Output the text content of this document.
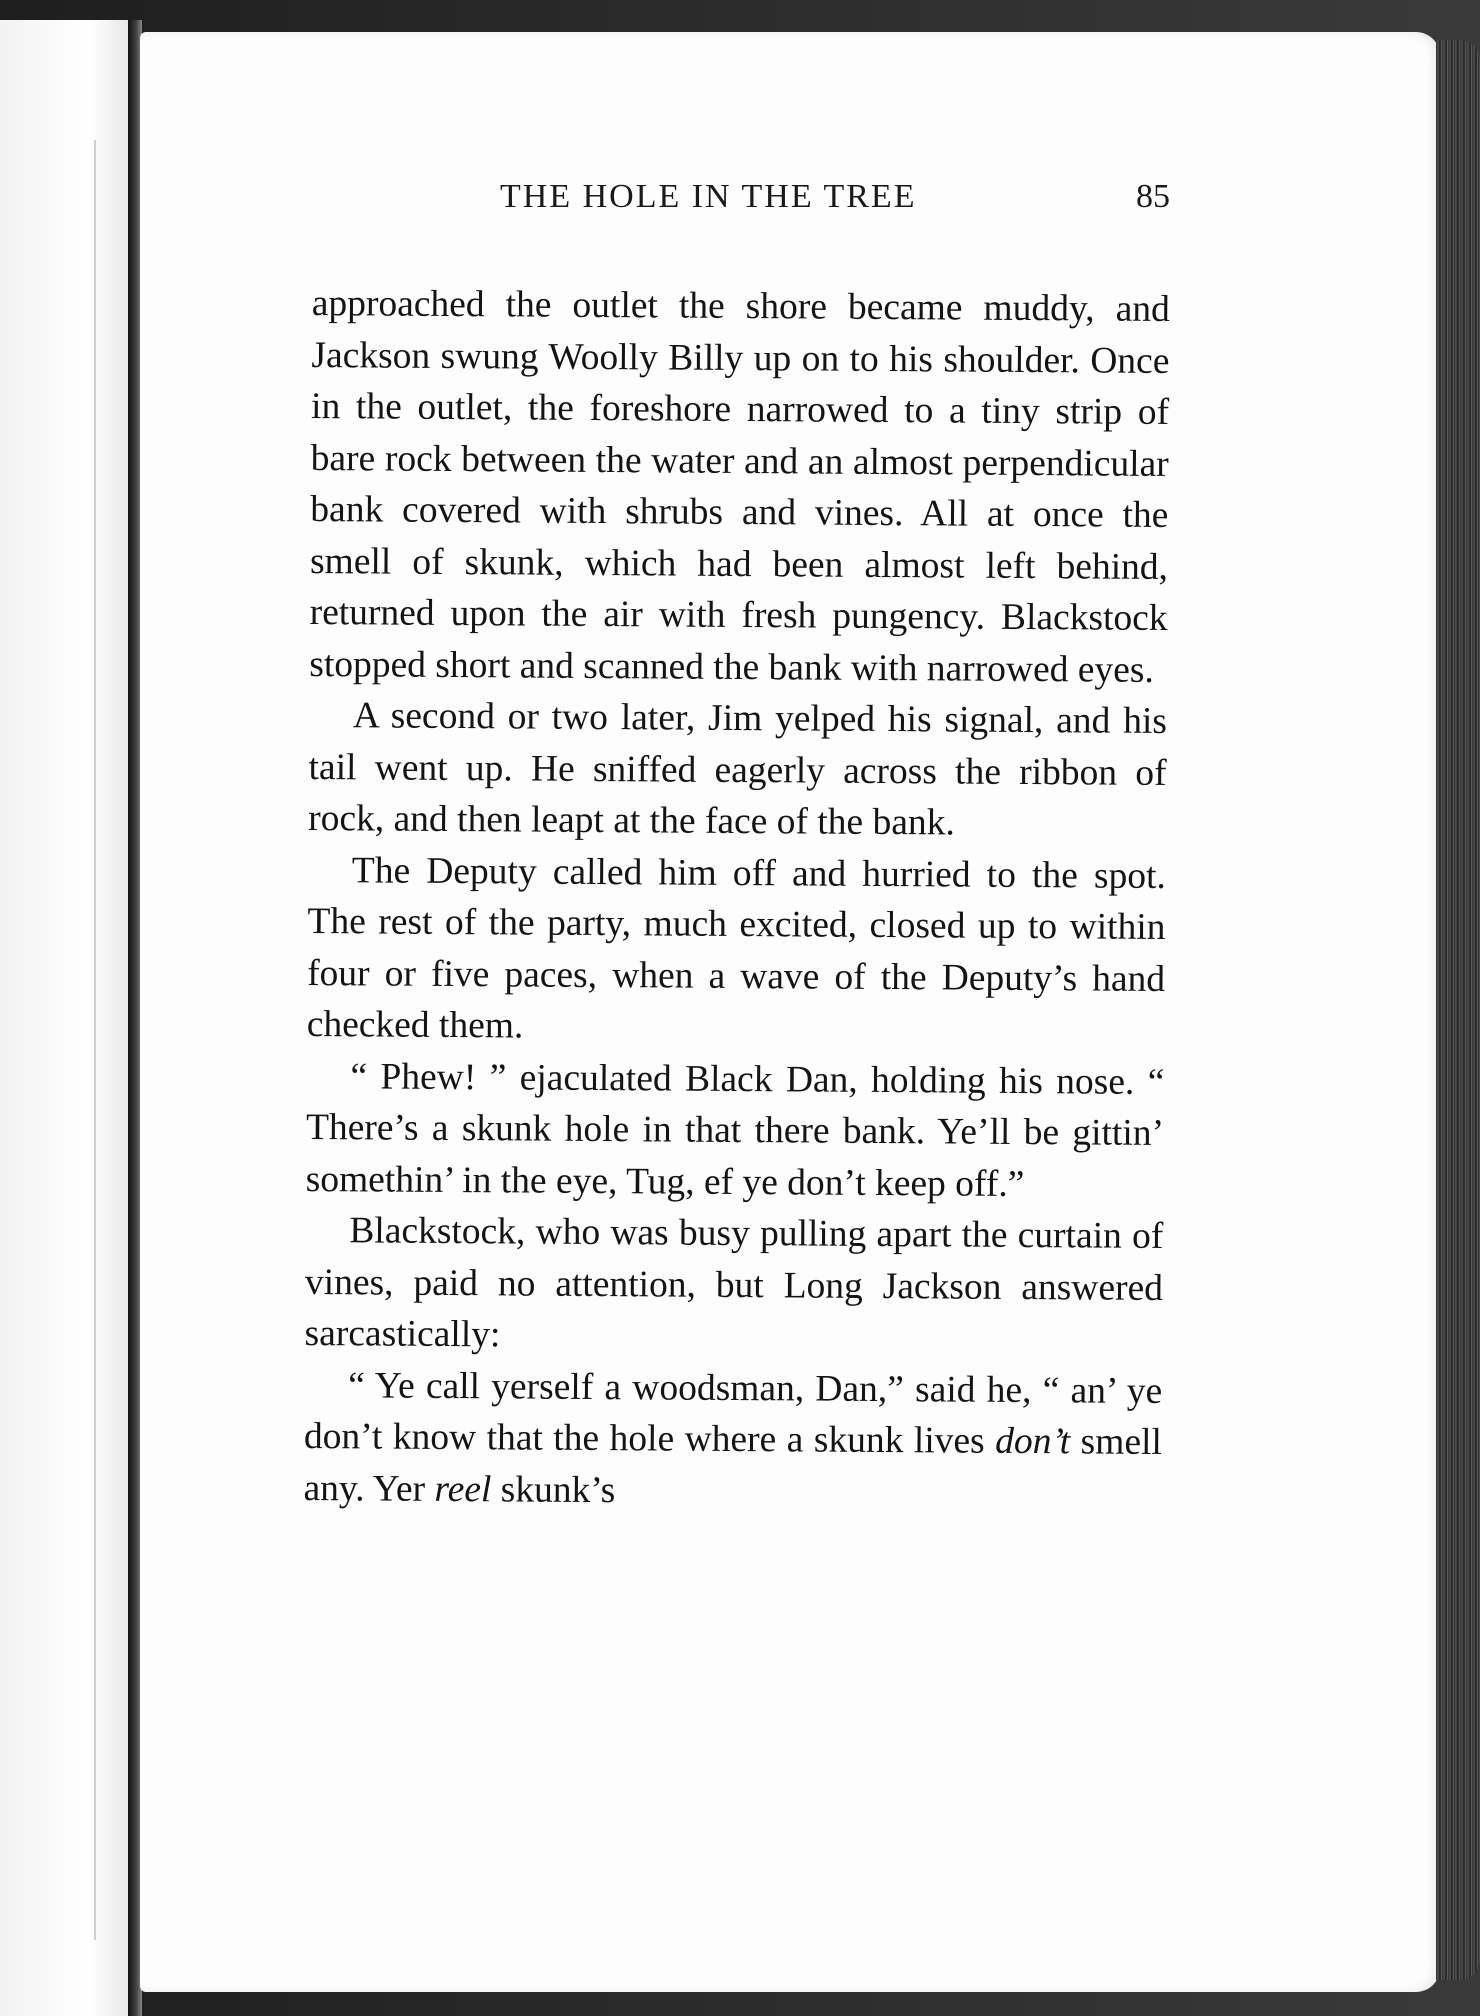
THE HOLE IN THE TREE	85

approached the outlet the shore became muddy, and Jackson swung Woolly Billy up on to his shoulder. Once in the outlet, the foreshore narrowed to a tiny strip of bare rock between the water and an almost perpendicular bank covered with shrubs and vines. All at once the smell of skunk, which had been almost left behind, returned upon the air with fresh pungency. Blackstock stopped short and scanned the bank with narrowed eyes.

A second or two later, Jim yelped his signal, and his tail went up. He sniffed eagerly across the ribbon of rock, and then leapt at the face of the bank.

The Deputy called him off and hurried to the spot. The rest of the party, much excited, closed up to within four or five paces, when a wave of the Deputy’s hand checked them.

“ Phew! ” ejaculated Black Dan, holding his nose. “ There’s a skunk hole in that there bank. Ye’ll be gittin’ somethin’ in the eye, Tug, ef ye don’t keep off.”

Blackstock, who was busy pulling apart the curtain of vines, paid no attention, but Long Jackson answered sarcastically:

“ Ye call yerself a woodsman, Dan,” said he, “ an’ ye don’t know that the hole where a skunk lives don’t smell any. Yer reel skunk’s
